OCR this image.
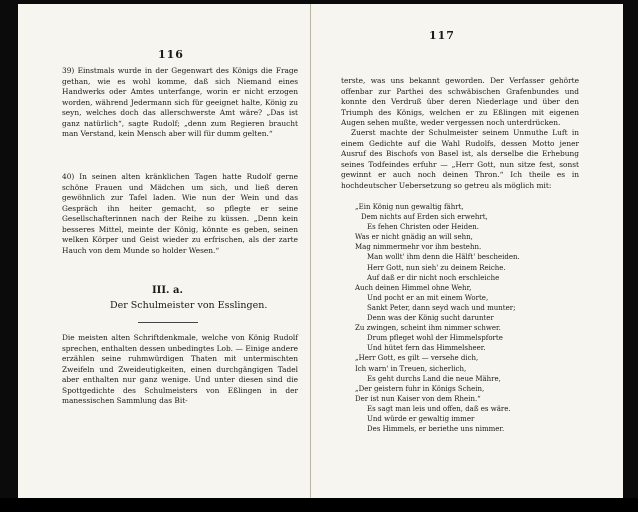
116

39) Einstmals wurde in der Gegenwart des Königs die Frage gethan, wie es wohl komme, daß sich Niemand eines Handwerks oder Amtes unterfange, worin er nicht erzogen worden, während Jedermann sich für geeignet halte, König zu seyn, welches doch das allerschwerste Amt wäre? „Das ist ganz natürlich“, sagte Rudolf; „denn zum Regieren braucht man Verstand, kein Mensch aber will für dumm gelten.“

40) In seinen alten kränklichen Tagen hatte Rudolf gerne schöne Frauen und Mädchen um sich, und ließ deren gewöhnlich zur Tafel laden. Wie nun der Wein und das Gespräch ihn heiter gemacht, so pflegte er seine Gesellschafterinnen nach der Reihe zu küssen. „Denn kein besseres Mittel, meinte der König, könnte es geben, seinen welken Körper und Geist wieder zu erfrischen, als der zarte Hauch von dem Munde so holder Wesen.“

III. a.
Der Schulmeister von Esslingen.

Die meisten alten Schriftdenkmale, welche von König Rudolf sprechen, enthalten dessen unbedingtes Lob. — Einige andere erzählen seine ruhmwürdigen Thaten mit untermischten Zweifeln und Zweideutigkeiten, einen durchgängigen Tadel aber enthalten nur ganz wenige. Und unter diesen sind die Spottgedichte des Schulmeisters von Eßlingen in der manessischen Sammlung das Bit-

117

terste, was uns bekannt geworden. Der Verfasser gehörte offenbar zur Parthei des schwäbischen Grafenbundes und konnte den Verdruß über deren Niederlage und über den Triumph des Königs, welchen er zu Eßlingen mit eigenen Augen sehen mußte, weder vergessen noch unterdrücken.

Zuerst machte der Schulmeister seinem Unmuthe Luft in einem Gedichte auf die Wahl Rudolfs, dessen Motto jener Ausruf des Bischofs von Basel ist, als derselbe die Erhebung seines Todfeindes erfuhr — „Herr Gott, nun sitze fest, sonst gewinnt er auch noch deinen Thron.“ Ich theile es in hochdeutscher Uebersetzung so getreu als möglich mit:

„Ein König nun gewaltig fährt,
Dem nichts auf Erden sich erwehrt,
Es fehen Christen oder Heiden.
Was er nicht gnädig an will sehn,
Mag nimmermehr vor ihm bestehn.
Man wollt' ihm denn die Hälft' bescheiden.
Herr Gott, nun sieh' zu deinem Reiche.
Auf daß er dir nicht noch erschleiche
Auch deinen Himmel ohne Wehr,
Und pocht er an mit einem Worte,
Sankt Peter, dann seyd wach und munter;
Denn was der König sucht darunter
Zu zwingen, scheint ihm nimmer schwer.
Drum pfleget wohl der Himmelspforte
Und hütet fern das Himmelsheer.
„Herr Gott, es gilt — versehe dich,
Ich warn' in Treuen, sicherlich,
Es geht durchs Land die neue Mähre,
„Der geistern fuhr in Königs Schein,
Der ist nun Kaiser von dem Rhein.“
Es sagt man leis und offen, daß es wäre.
Und würde er gewaltig immer
Des Himmels, er beriethe uns nimmer.
